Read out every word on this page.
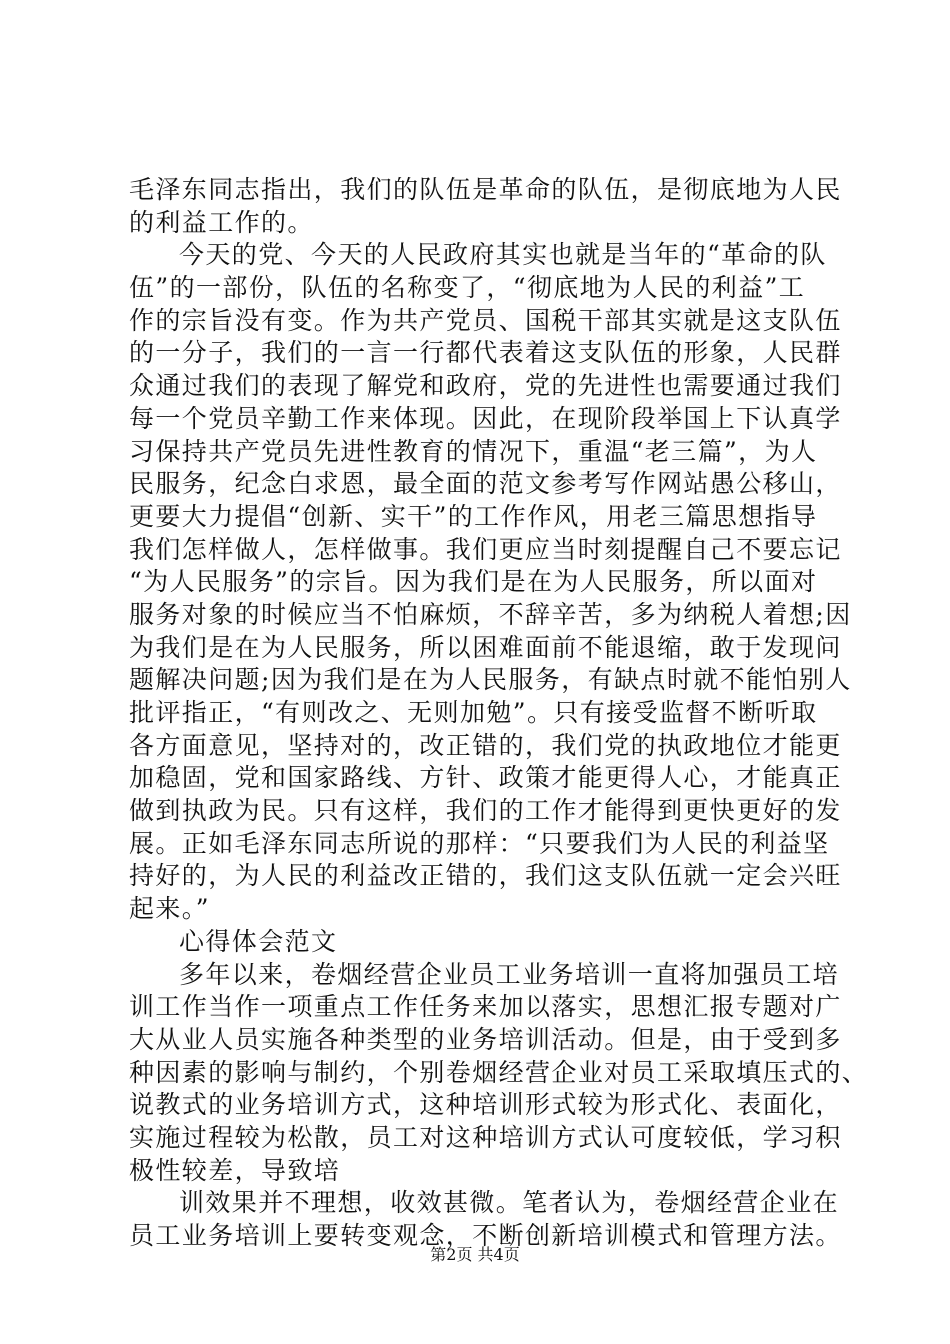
毛泽东同志指出，我们的队伍是革命的队伍，是彻底地为人民
的利益工作的。
今天的党、今天的人民政府其实也就是当年的“革命的队
伍”的一部份，队伍的名称变了，“彻底地为人民的利益”工
作的宗旨没有变。作为共产党员、国税干部其实就是这支队伍
的一分子，我们的一言一行都代表着这支队伍的形象，人民群
众通过我们的表现了解党和政府，党的先进性也需要通过我们
每一个党员辛勤工作来体现。因此，在现阶段举国上下认真学
习保持共产党员先进性教育的情况下，重温“老三篇”，为人
民服务，纪念白求恩，最全面的范文参考写作网站愚公移山，
更要大力提倡“创新、实干”的工作作风，用老三篇思想指导
我们怎样做人，怎样做事。我们更应当时刻提醒自己不要忘记
“为人民服务”的宗旨。因为我们是在为人民服务，所以面对
服务对象的时候应当不怕麻烦，不辞辛苦，多为纳税人着想;因
为我们是在为人民服务，所以困难面前不能退缩，敢于发现问
题解决问题;因为我们是在为人民服务，有缺点时就不能怕别人
批评指正，“有则改之、无则加勉”。只有接受监督不断听取
各方面意见，坚持对的，改正错的，我们党的执政地位才能更
加稳固，党和国家路线、方针、政策才能更得人心，才能真正
做到执政为民。只有这样，我们的工作才能得到更快更好的发
展。正如毛泽东同志所说的那样：“只要我们为人民的利益坚
持好的，为人民的利益改正错的，我们这支队伍就一定会兴旺
起来。”
心得体会范文
多年以来，卷烟经营企业员工业务培训一直将加强员工培
训工作当作一项重点工作任务来加以落实，思想汇报专题对广
大从业人员实施各种类型的业务培训活动。但是，由于受到多
种因素的影响与制约，个别卷烟经营企业对员工采取填压式的、
说教式的业务培训方式，这种培训形式较为形式化、表面化，
实施过程较为松散，员工对这种培训方式认可度较低，学习积
极性较差，导致培
训效果并不理想，收效甚微。笔者认为，卷烟经营企业在
员工业务培训上要转变观念，不断创新培训模式和管理方法。
第2页 共4页
